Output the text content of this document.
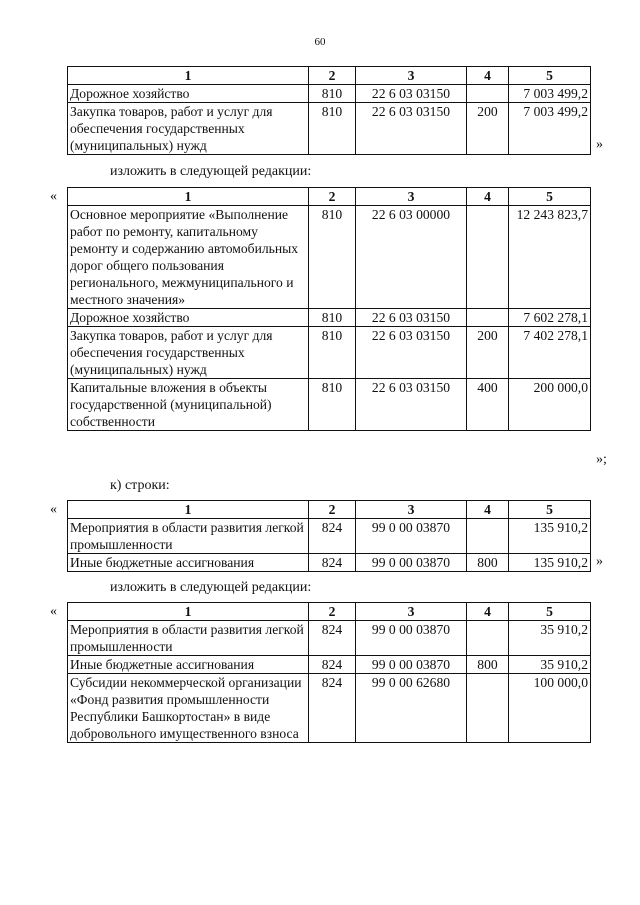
60
1	2	3	4	5
Дорожное хозяйство	810	22 6 03 03150		7 003 499,2
Закупка товаров, работ и услуг для обеспечения государственных (муниципальных) нужд	810	22 6 03 03150	200	7 003 499,2
»
изложить в следующей редакции:
«	1	2	3	4	5
Основное мероприятие «Выполнение работ по ремонту, капитальному ремонту и содержанию автомобильных дорог общего пользования регионального, межмуниципального и местного значения»	810	22 6 03 00000		12 243 823,7
Дорожное хозяйство	810	22 6 03 03150		7 602 278,1
Закупка товаров, работ и услуг для обеспечения государственных (муниципальных) нужд	810	22 6 03 03150	200	7 402 278,1
Капитальные вложения в объекты государственной (муниципальной) собственности	810	22 6 03 03150	400	200 000,0
»;
к) строки:
«	1	2	3	4	5
Мероприятия в области развития легкой промышленности	824	99 0 00 03870		135 910,2
Иные бюджетные ассигнования	824	99 0 00 03870	800	135 910,2 »
изложить в следующей редакции:
«	1	2	3	4	5
Мероприятия в области развития легкой промышленности	824	99 0 00 03870		35 910,2
Иные бюджетные ассигнования	824	99 0 00 03870	800	35 910,2
Субсидии некоммерческой организации «Фонд развития промышленности Республики Башкортостан» в виде добровольного имущественного взноса	824	99 0 00 62680		100 000,0
